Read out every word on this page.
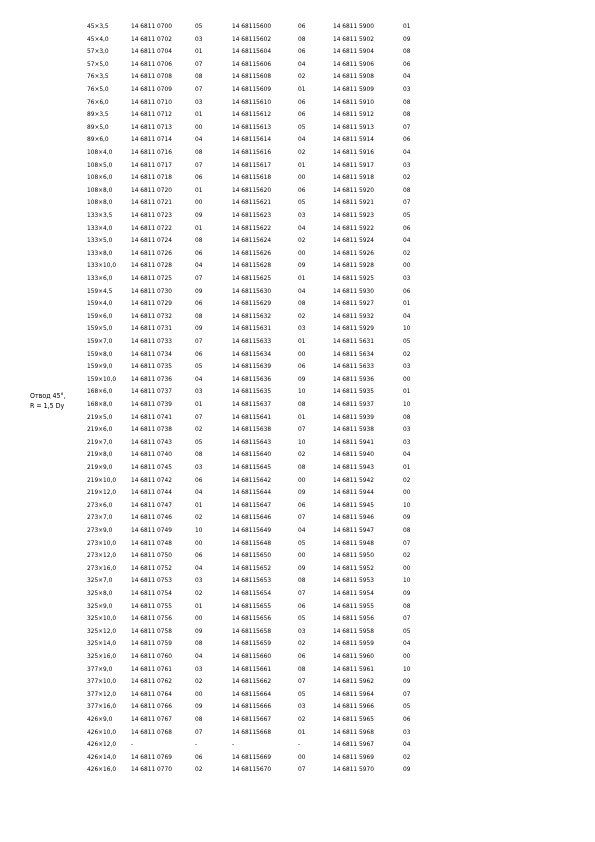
Отвод 45°,
R = 1,5 Dy
45×3,5	14 6811 0700	05	14 68115600	06	14 6811 5900	01
45×4,0	14 6811 0702	03	14 68115602	08	14 6811 5902	09
57×3,0	14 6811 0704	01	14 68115604	06	14 6811 5904	08
57×5,0	14 6811 0706	07	14 68115606	04	14 6811 5906	06
76×3,5	14 6811 0708	08	14 68115608	02	14 6811 5908	04
76×5,0	14 6811 0709	07	14 68115609	01	14 6811 5909	03
76×6,0	14 6811 0710	03	14 68115610	06	14 6811 5910	08
89×3,5	14 6811 0712	01	14 68115612	06	14 6811 5912	08
89×5,0	14 6811 0713	00	14 68115613	05	14 6811 5913	07
89×6,0	14 6811 0714	04	14 68115614	04	14 6811 5914	06
108×4,0	14 6811 0716	08	14 68115616	02	14 6811 5916	04
108×5,0	14 6811 0717	07	14 68115617	01	14 6811 5917	03
108×6,0	14 6811 0718	06	14 68115618	00	14 6811 5918	02
108×8,0	14 6811 0720	01	14 68115620	06	14 6811 5920	08
108×8,0	14 6811 0721	00	14 68115621	05	14 6811 5921	07
133×3,5	14 6811 0723	09	14 68115623	03	14 6811 5923	05
133×4,0	14 6811 0722	01	14 68115622	04	14 6811 5922	06
133×5,0	14 6811 0724	08	14 68115624	02	14 6811 5924	04
133×8,0	14 6811 0726	06	14 68115626	00	14 6811 5926	02
133×10,0 14 6811 0728	04	14 68115628	09	14 6811 5928	00
133×6,0	14 6811 0725	07	14 68115625	01	14 6811 5925	03
159×4,5	14 6811 0730	09	14 68115630	04	14 6811 5930	06
159×4,0	14 6811 0729	06	14 68115629	08	14 6811 5927	01
159×6,0	14 6811 0732	08	14 68115632	02	14 6811 5932	04
159×5,0	14 6811 0731	09	14 68115631	03	14 6811 5929	10
159×7,0	14 6811 0733	07	14 68115633	01	14 6811 5631	05
159×8,0	14 6811 0734	06	14 68115634	00	14 6811 5634	02
159×9,0	14 6811 0735	05	14 68115639	06	14 6811 5633	03
159×10,0 14 6811 0736	04	14 68115636	09	14 6811 5936	00
168×6,0	14 6811 0737	03	14 68115635	10	14 6811 5935	01
168×8,0	14 6811 0739	01	14 68115637	08	14 6811 5937	10
219×5,0	14 6811 0741	07	14 68115641	01	14 6811 5939	08
219×6,0	14 6811 0738	02	14 68115638	07	14 6811 5938	03
219×7,0	14 6811 0743	05	14 68115643	10	14 6811 5941	03
219×8,0	14 6811 0740	08	14 68115640	02	14 6811 5940	04
219×9,0	14 6811 0745	03	14 68115645	08	14 6811 5943	01
219×10,0 14 6811 0742	06	14 68115642	00	14 6811 5942	02
219×12,0 14 6811 0744	04	14 68115644	09	14 6811 5944	00
273×6,0	14 6811 0747	01	14 68115647	06	14 6811 5945	10
273×7,0	14 6811 0746	02	14 68115646	07	14 6811 5946	09
273×9,0	14 6811 0749	10	14 68115649	04	14 6811 5947	08
273×10,0 14 6811 0748	00	14 68115648	05	14 6811 5948	07
273×12,0 14 6811 0750	06	14 68115650	00	14 6811 5950	02
273×16,0 14 6811 0752	04	14 68115652	09	14 6811 5952	00
325×7,0	14 6811 0753	03	14 68115653	08	14 6811 5953	10
325×8,0	14 6811 0754	02	14 68115654	07	14 6811 5954	09
325×9,0	14 6811 0755	01	14 68115655	06	14 6811 5955	08
325×10,0 14 6811 0756	00	14 68115656	05	14 6811 5956	07
325×12,0 14 6811 0758	09	14 68115658	03	14 6811 5958	05
325×14,0 14 6811 0759	08	14 68115659	02	14 6811 5959	04
325×16,0 14 6811 0760	04	14 68115660	06	14 6811 5960	00
377×9,0	14 6811 0761	03	14 68115661	08	14 6811 5961	10
377×10,0 14 6811 0762	02	14 68115662	07	14 6811 5962	09
377×12,0 14 6811 0764	00	14 68115664	05	14 6811 5964	07
377×16,0 14 6811 0766	09	14 68115666	03	14 6811 5966	05
426×9,0	14 6811 0767	08	14 68115667	02	14 6811 5965	06
426×10,0 14 6811 0768	07	14 68115668	01	14 6811 5968	03
426×12,0 -	-	-	-	14 6811 5967	04
426×14,0 14 6811 0769	06	14 68115669	00	14 6811 5969	02
426×16,0 14 6811 0770	02	14 68115670	07	14 6811 5970	09
